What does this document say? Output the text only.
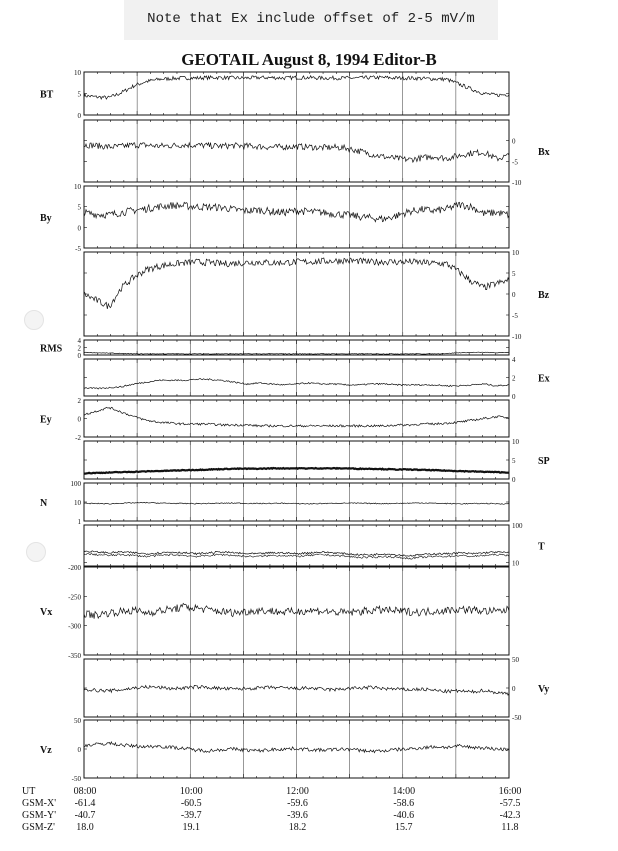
Note that Ex include offset of 2-5 mV/m
GEOTAIL August 8, 1994 Editor-B
10
5
0
BT
0
-5
-10
Bx
10
5
0
-5
By
10
5
0
-5
-10
Bz
4
2
0
RMS
4
2
0
Ex
2
0
-2
Ey
10
5
0
SP
100
10
1
N
100
10
T
-200
-250
-300
-350
Vx
50
0
-50
Vy
50
0
-50
Vz
UT	08:00	10:00	12:00	14:00	16:00
GSM-X'	-61.4	-60.5	-59.6	-58.6	-57.5
GSM-Y'	-40.7	-39.7	-39.6	-40.6	-42.3
GSM-Z'	18.0	19.1	18.2	15.7	11.8
